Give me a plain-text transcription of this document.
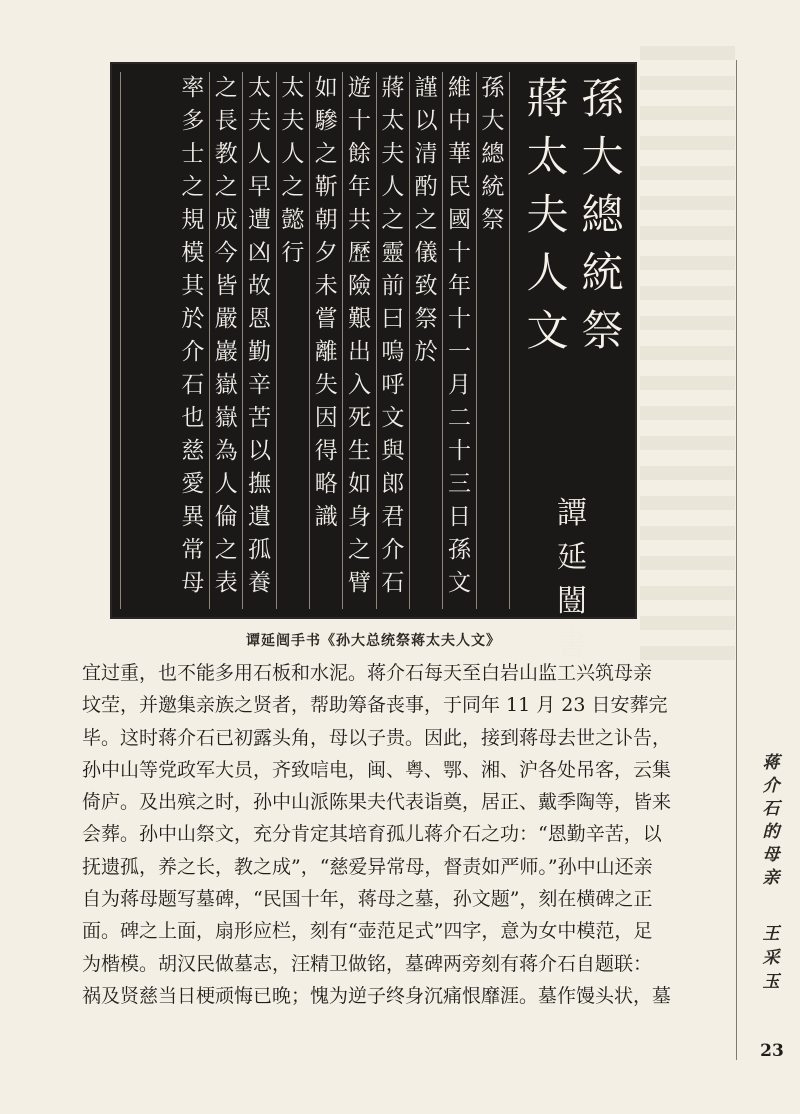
孫
大
總
統
祭
蔣
太
夫
人
文
孫
大
總
統
祭
維
中
華
民
國
十
年
十
一
月
二
十
三
日
孫
文
謹
以
清
酌
之
儀
致
祭
於
蔣
太
夫
人
之
靈
前
曰
嗚
呼
文
與
郎
君
介
石
遊
十
餘
年
共
歷
險
艱
出
入
死
生
如
身
之
臂
如
驂
之
靳
朝
夕
未
嘗
離
失
因
得
略
識
太
夫
人
之
懿
行
太
夫
人
早
遭
凶
故
恩
勤
辛
苦
以
撫
遺
孤
養
之
長
教
之
成
今
皆
嚴
巖
嶽
嶽
為
人
倫
之
表
率
多
士
之
規
模
其
於
介
石
也
慈
愛
異
常
母
譚
延
闓
書
谭延闿手书《孙大总统祭蒋太夫人文》
宜过重，也不能多用石板和水泥。蒋介石每天至白岩山监工兴筑母亲
坟茔，并邀集亲族之贤者，帮助筹备丧事，于同年 11 月 23 日安葬完
毕。这时蒋介石已初露头角，母以子贵。因此，接到蒋母去世之讣告，
孙中山等党政军大员，齐致唁电，闽、粤、鄂、湘、沪各处吊客，云集
倚庐。及出殡之时，孙中山派陈果夫代表诣奠，居正、戴季陶等，皆来
会葬。孙中山祭文，充分肯定其培育孤儿蒋介石之功：“恩勤辛苦，以
抚遗孤，养之长，教之成”，“慈爱异常母，督责如严师。”孙中山还亲
自为蒋母题写墓碑，“民国十年，蒋母之墓，孙文题”，刻在横碑之正
面。碑之上面，扇形应栏，刻有“壶范足式”四字，意为女中模范，足
为楷模。胡汉民做墓志，汪精卫做铭，墓碑两旁刻有蒋介石自题联：
祸及贤慈当日梗顽悔已晚；愧为逆子终身沉痛恨靡涯。墓作馒头状，墓
蒋
介
石
的
母
亲
王
采
玉
23
